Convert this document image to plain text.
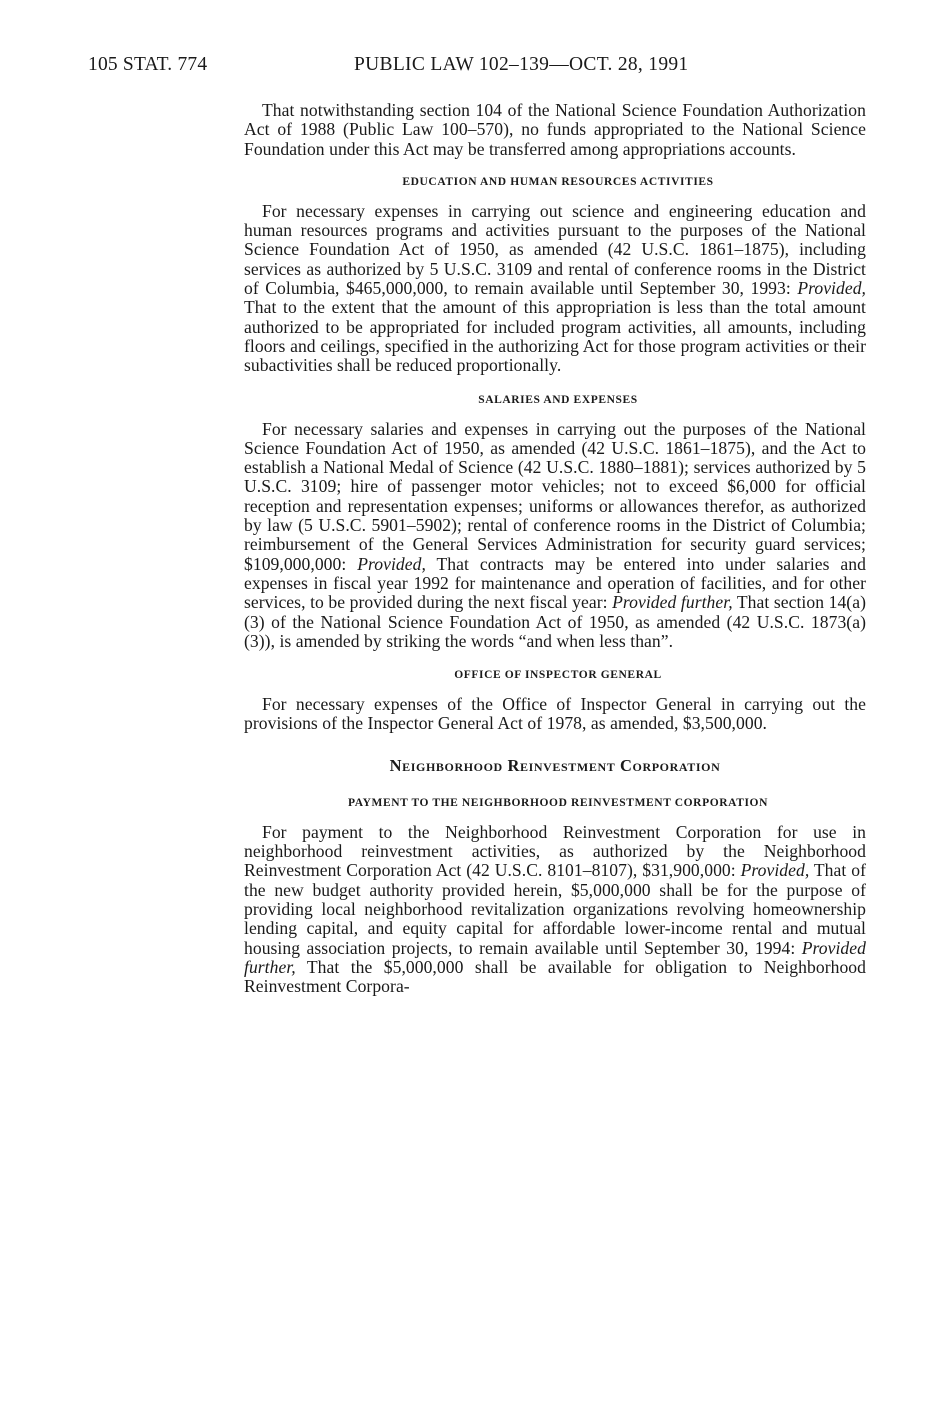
105 STAT. 774	PUBLIC LAW 102–139—OCT. 28, 1991

That notwithstanding section 104 of the National Science Foundation Authorization Act of 1988 (Public Law 100–570), no funds appropriated to the National Science Foundation under this Act may be transferred among appropriations accounts.

EDUCATION AND HUMAN RESOURCES ACTIVITIES

For necessary expenses in carrying out science and engineering education and human resources programs and activities pursuant to the purposes of the National Science Foundation Act of 1950, as amended (42 U.S.C. 1861–1875), including services as authorized by 5 U.S.C. 3109 and rental of conference rooms in the District of Columbia, $465,000,000, to remain available until September 30, 1993: Provided, That to the extent that the amount of this appropriation is less than the total amount authorized to be appropriated for included program activities, all amounts, including floors and ceilings, specified in the authorizing Act for those program activities or their subactivities shall be reduced proportionally.

SALARIES AND EXPENSES

For necessary salaries and expenses in carrying out the purposes of the National Science Foundation Act of 1950, as amended (42 U.S.C. 1861–1875), and the Act to establish a National Medal of Science (42 U.S.C. 1880–1881); services authorized by 5 U.S.C. 3109; hire of passenger motor vehicles; not to exceed $6,000 for official reception and representation expenses; uniforms or allowances therefor, as authorized by law (5 U.S.C. 5901–5902); rental of conference rooms in the District of Columbia; reimbursement of the General Services Administration for security guard services; $109,000,000: Provided, That contracts may be entered into under salaries and expenses in fiscal year 1992 for maintenance and operation of facilities, and for other services, to be provided during the next fiscal year: Provided further, That section 14(a)(3) of the National Science Foundation Act of 1950, as amended (42 U.S.C. 1873(a)(3)), is amended by striking the words “and when less than”.

OFFICE OF INSPECTOR GENERAL

For necessary expenses of the Office of Inspector General in carrying out the provisions of the Inspector General Act of 1978, as amended, $3,500,000.

Neighborhood Reinvestment Corporation
PAYMENT TO THE NEIGHBORHOOD REINVESTMENT CORPORATION

For payment to the Neighborhood Reinvestment Corporation for use in neighborhood reinvestment activities, as authorized by the Neighborhood Reinvestment Corporation Act (42 U.S.C. 8101–8107), $31,900,000: Provided, That of the new budget authority provided herein, $5,000,000 shall be for the purpose of providing local neighborhood revitalization organizations revolving homeownership lending capital, and equity capital for affordable lower-income rental and mutual housing association projects, to remain available until September 30, 1994: Provided further, That the $5,000,000 shall be available for obligation to Neighborhood Reinvestment Corpora-
